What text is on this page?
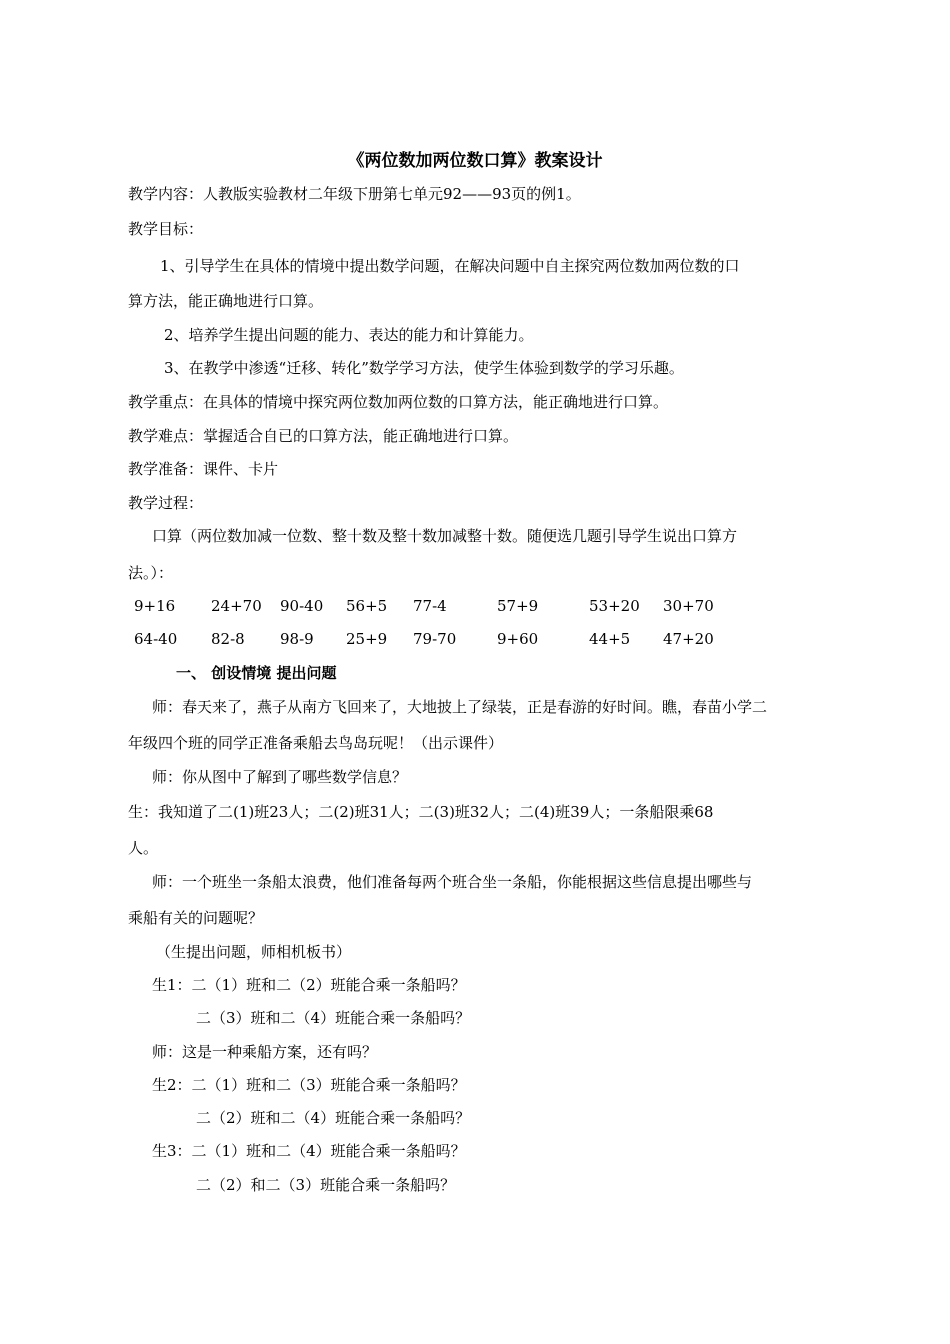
《两位数加两位数口算》教案设计
教学内容：人教版实验教材二年级下册第七单元92——93页的例1。
教学目标：
1、引导学生在具体的情境中提出数学问题，在解决问题中自主探究两位数加两位数的口
算方法，能正确地进行口算。
2、培养学生提出问题的能力、表达的能力和计算能力。
3、在教学中渗透“迁移、转化”数学学习方法，使学生体验到数学的学习乐趣。
教学重点：在具体的情境中探究两位数加两位数的口算方法，能正确地进行口算。
教学难点：掌握适合自已的口算方法，能正确地进行口算。
教学准备：课件、卡片
教学过程：
口算（两位数加减一位数、整十数及整十数加减整十数。随便选几题引导学生说出口算方
法。）：
9+16 24+70 90-40 56+5 77-4	57+9	53+20 30+70
64-40 82-8 98-9 25+9 79-70	9+60	44+5 47+20
一、 创设情境 提出问题
师：春天来了，燕子从南方飞回来了，大地披上了绿装，正是春游的好时间。瞧，春苗小学二
年级四个班的同学正准备乘船去鸟岛玩呢！（出示课件）
师：你从图中了解到了哪些数学信息？
生：我知道了二(1)班23人；二(2)班31人；二(3)班32人；二(4)班39人；一条船限乘68
人。
师：一个班坐一条船太浪费，他们准备每两个班合坐一条船，你能根据这些信息提出哪些与
乘船有关的问题呢？
（生提出问题，师相机板书）
生1：二（1）班和二（2）班能合乘一条船吗？
二（3）班和二（4）班能合乘一条船吗？
师：这是一种乘船方案，还有吗？
生2：二（1）班和二（3）班能合乘一条船吗？
二（2）班和二（4）班能合乘一条船吗？
生3：二（1）班和二（4）班能合乘一条船吗？
二（2）和二（3）班能合乘一条船吗？
